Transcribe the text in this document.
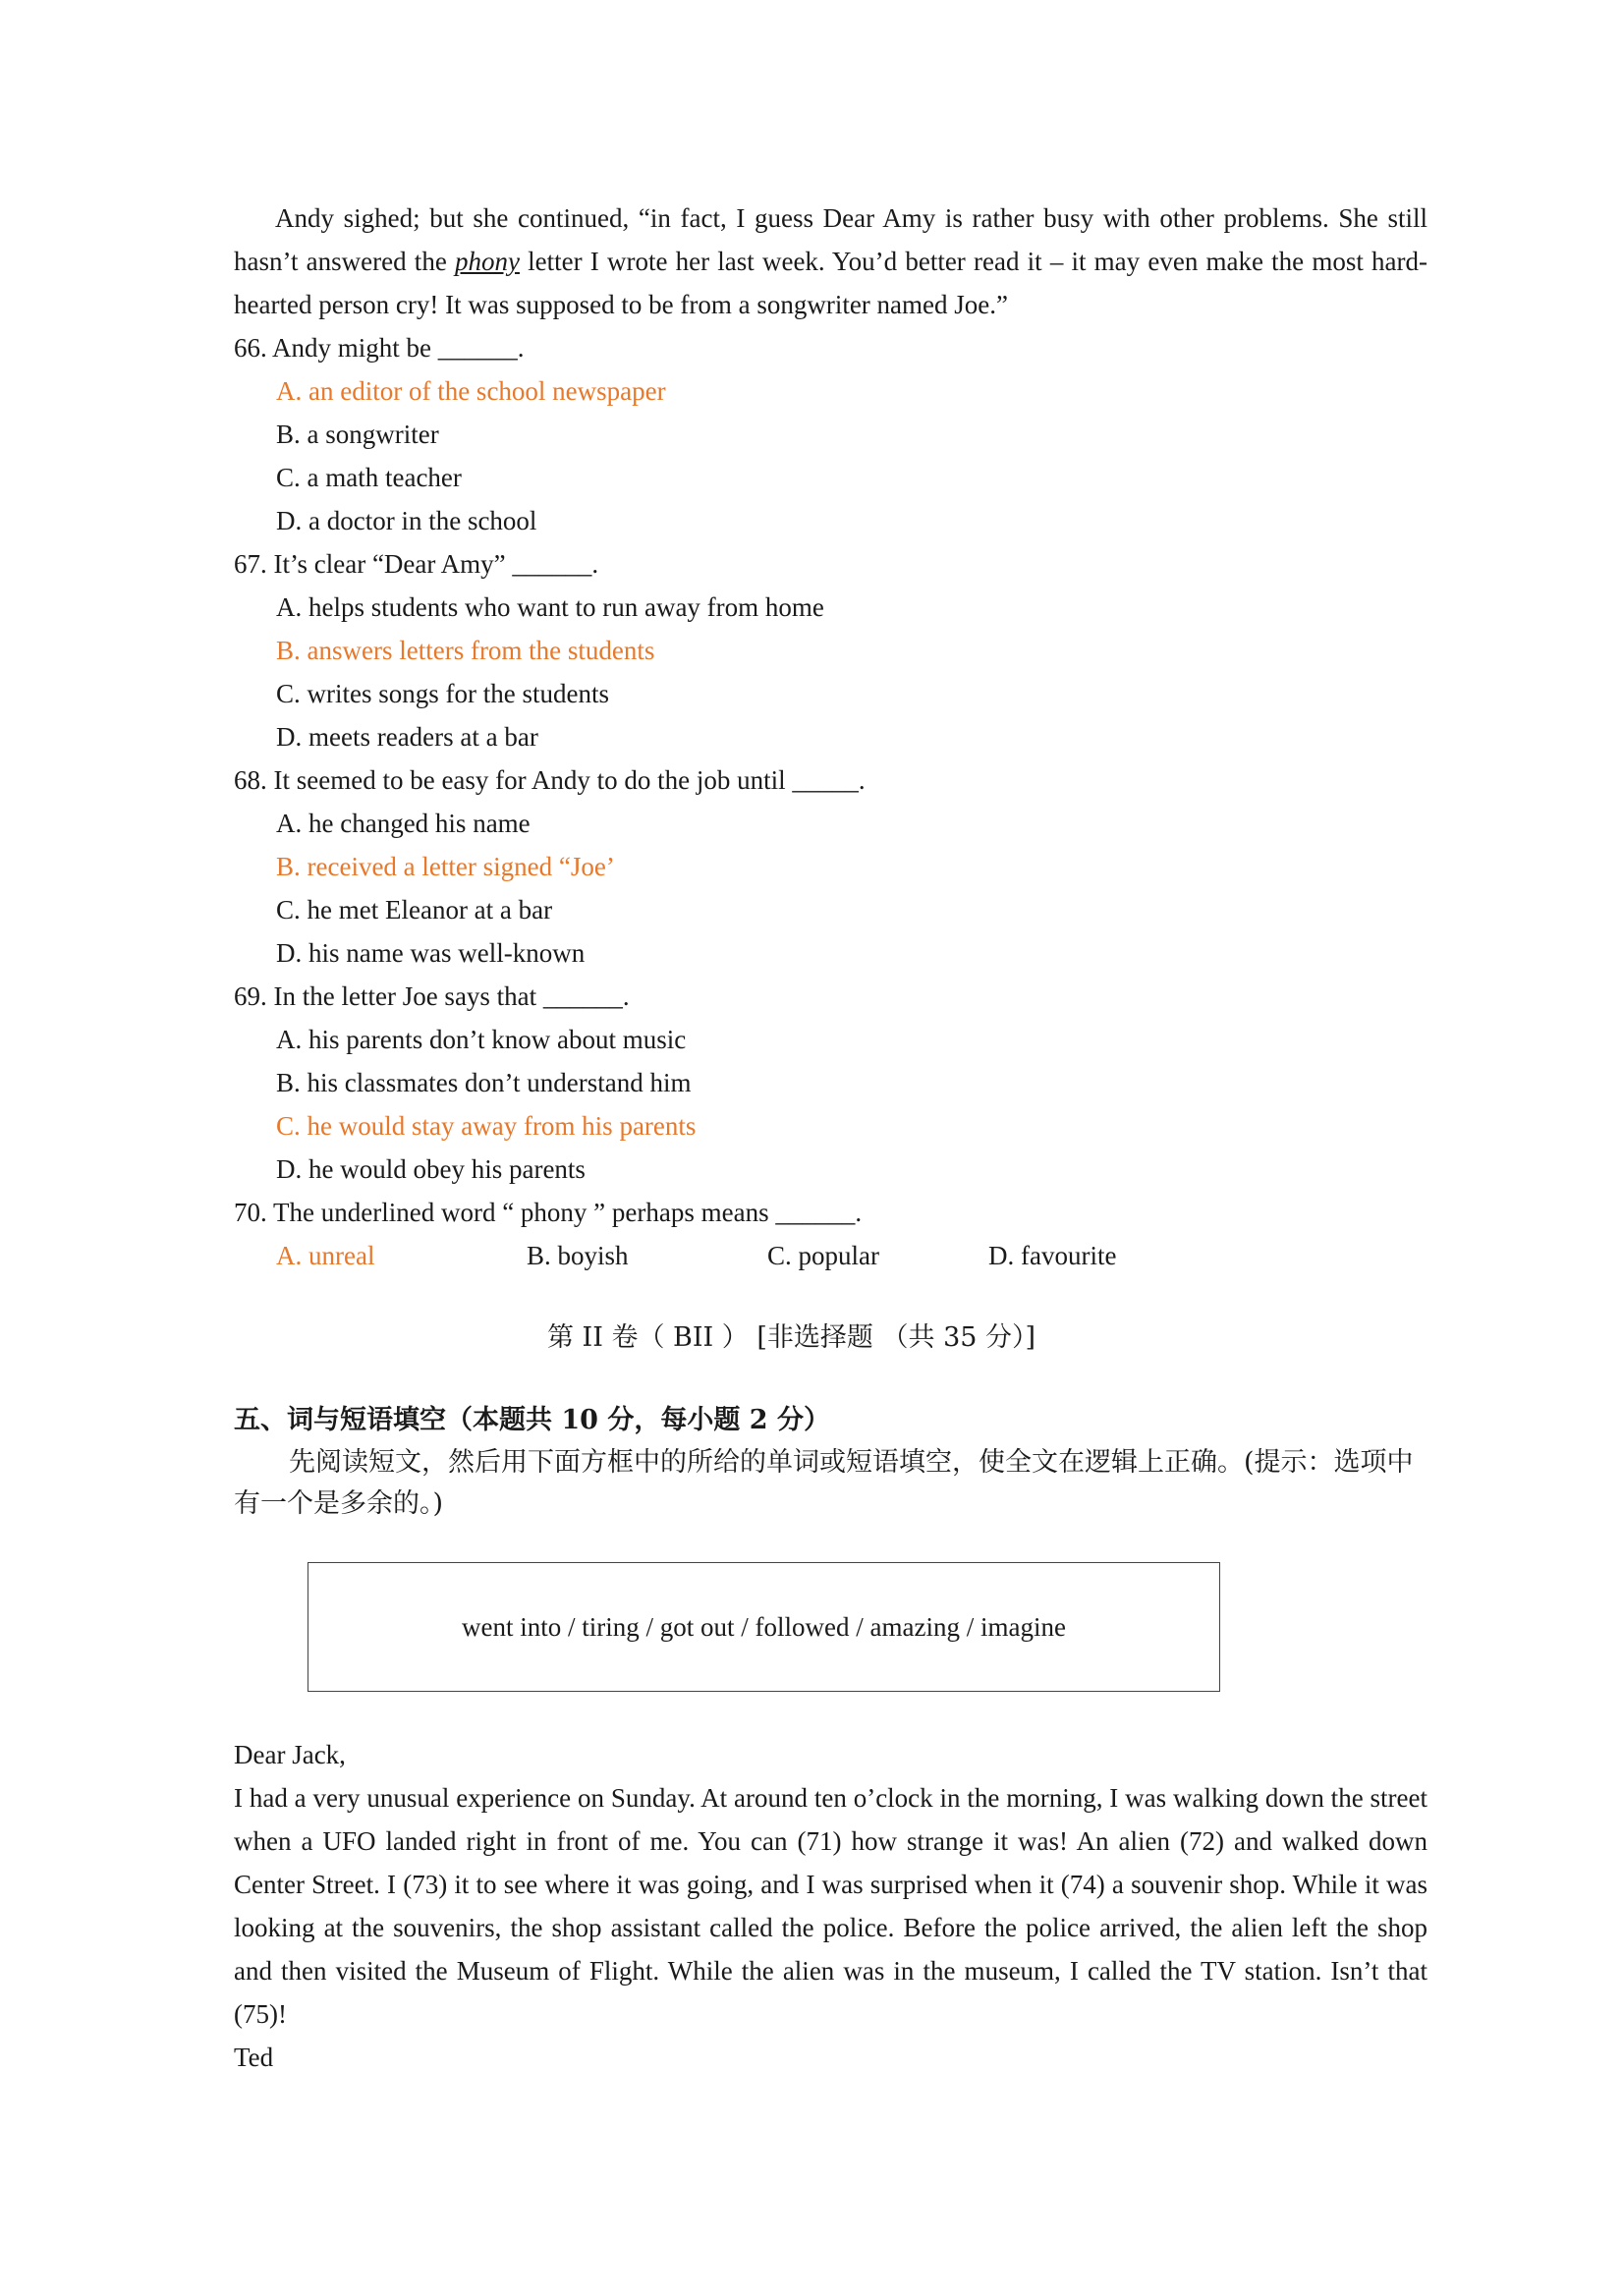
Andy sighed; but she continued, “in fact, I guess Dear Amy is rather busy with other problems. She still hasn’t answered the phony letter I wrote her last week. You’d better read it – it may even make the most hard-hearted person cry! It was supposed to be from a songwriter named Joe.”

66. Andy might be ______.

A. an editor of the school newspaper

B. a songwriter

C. a math teacher

D. a doctor in the school

67. It’s clear “Dear Amy” ______.

A. helps students who want to run away from home

B. answers letters from the students

C. writes songs for the students

D. meets readers at a bar

68. It seemed to be easy for Andy to do the job until _____.

A. he changed his name

B. received a letter signed “Joe’

C. he met Eleanor at a bar

D. his name was well-known

69. In the letter Joe says that ______.

A. his parents don’t know about music

B. his classmates don’t understand him

C. he would stay away from his parents

D. he would obey his parents

70. The underlined word “ phony ” perhaps means ______.

A. unreal	B. boyish	C. popular	D. favourite

第 II 卷（ BII ） [非选择题 （共 35 分）]

五、词与短语填空（本题共 10 分，每小题 2 分）

先阅读短文，然后用下面方框中的所给的单词或短语填空，使全文在逻辑上正确。(提示：选项中有一个是多余的。)

went into / tiring / got out / followed / amazing / imagine

Dear Jack,

I had a very unusual experience on Sunday. At around ten o’clock in the morning, I was walking down the street when a UFO landed right in front of me. You can (71) how strange it was! An alien (72) and walked down Center Street. I (73) it to see where it was going, and I was surprised when it (74) a souvenir shop. While it was looking at the souvenirs, the shop assistant called the police. Before the police arrived, the alien left the shop and then visited the Museum of Flight. While the alien was in the museum, I called the TV station. Isn’t that (75)!

Ted
